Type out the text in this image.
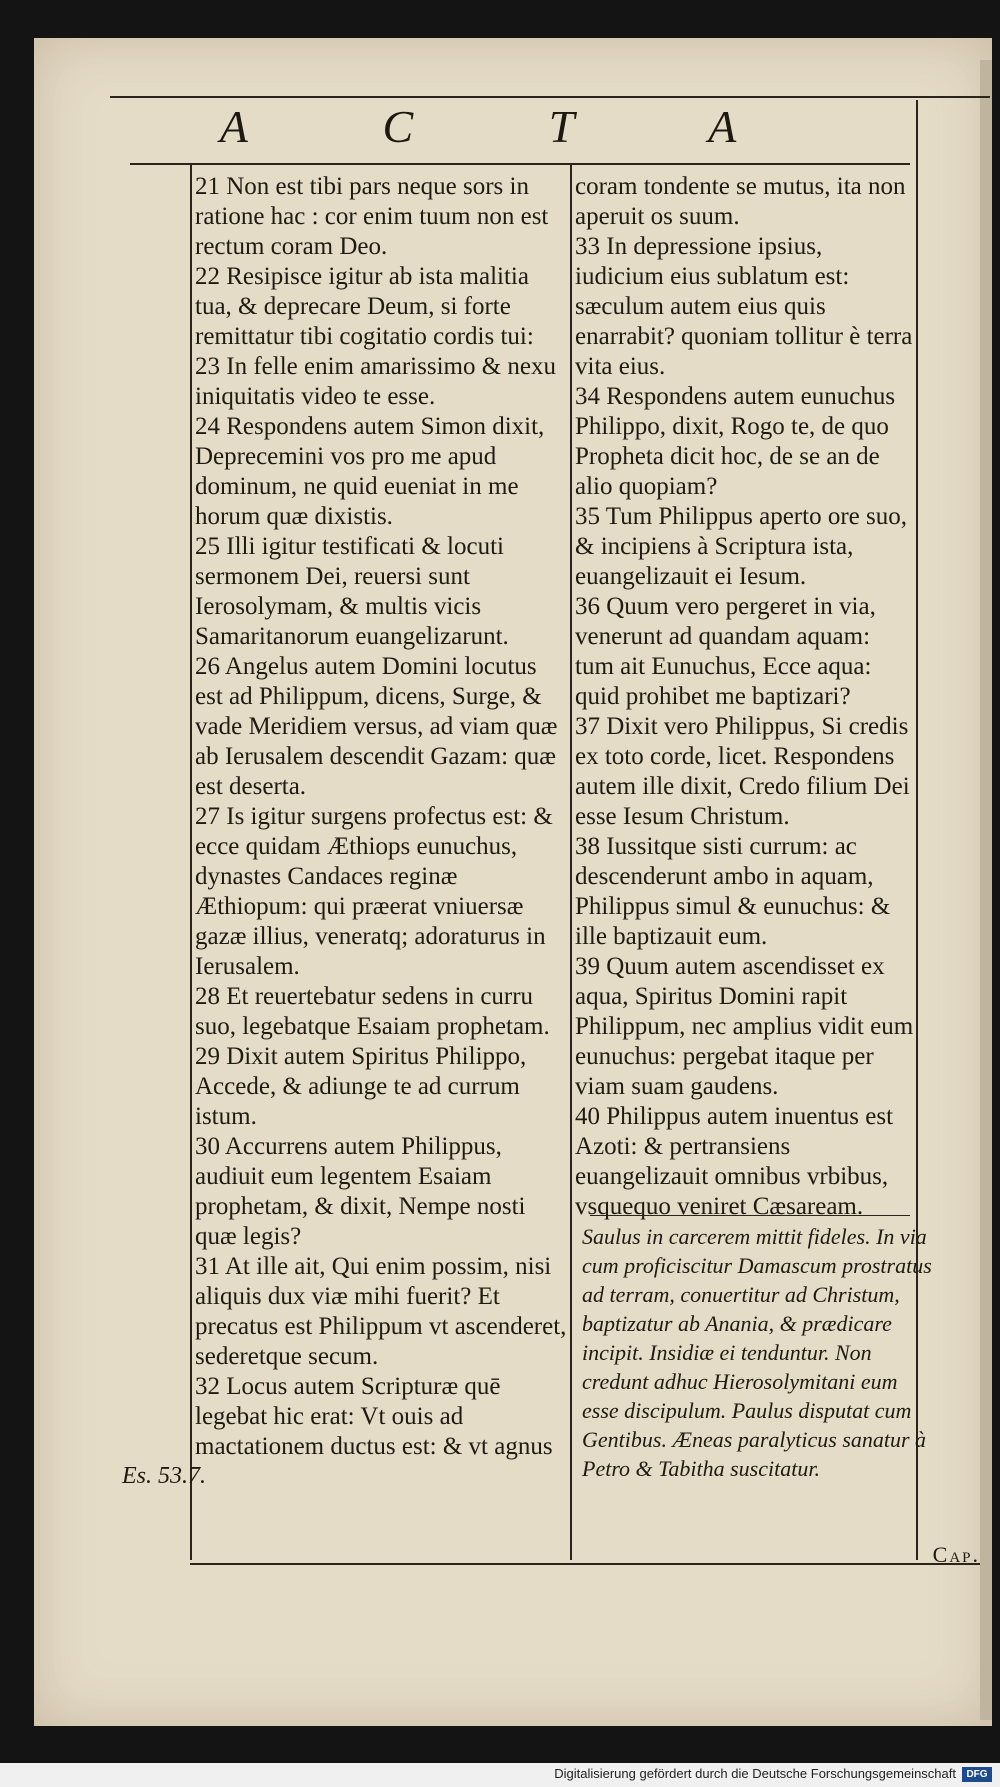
A C T A

21 Non est tibi pars neque sors in ratione hac : cor enim tuum non est rectum coram Deo.

22 Resipisce igitur ab ista malitia tua, & deprecare Deum, si forte remittatur tibi cogitatio cordis tui:

23 In felle enim amarissimo & nexu iniquitatis video te esse.

24 Respondens autem Simon dixit, Deprecemini vos pro me apud dominum, ne quid eueniat in me horum quæ dixistis.

25 Illi igitur testificati & locuti sermonem Dei, reuersi sunt Ierosolymam, & multis vicis Samaritanorum euangelizarunt.

26 Angelus autem Domini locutus est ad Philippum, dicens, Surge, & vade Meridiem versus, ad viam quæ ab Ierusalem descendit Gazam: quæ est deserta.

27 Is igitur surgens profectus est: & ecce quidam Æthiops eunuchus, dynastes Candaces reginæ Æthiopum: qui præerat vniuersæ gazæ illius, veneratq; adoraturus in Ierusalem.

28 Et reuertebatur sedens in curru suo, legebatque Esaiam prophetam.

29 Dixit autem Spiritus Philippo, Accede, & adiunge te ad currum istum.

30 Accurrens autem Philippus, audiuit eum legentem Esaiam prophetam, & dixit, Nempe nosti quæ legis?

31 At ille ait, Qui enim possim, nisi aliquis dux viæ mihi fuerit? Et precatus est Philippum vt ascenderet, sederetque secum.

32 Locus autem Scripturæ quē legebat hic erat: Vt ouis ad mactationem ductus est: & vt agnus

coram tondente se mutus, ita non aperuit os suum.

33 In depressione ipsius, iudicium eius sublatum est: sæculum autem eius quis enarrabit? quoniam tollitur è terra vita eius.

34 Respondens autem eunuchus Philippo, dixit, Rogo te, de quo Propheta dicit hoc, de se an de alio quopiam?

35 Tum Philippus aperto ore suo, & incipiens à Scriptura ista, euangelizauit ei Iesum.

36 Quum vero pergeret in via, venerunt ad quandam aquam: tum ait Eunuchus, Ecce aqua: quid prohibet me baptizari?

37 Dixit vero Philippus, Si credis ex toto corde, licet. Respondens autem ille dixit, Credo filium Dei esse Iesum Christum.

38 Iussitque sisti currum: ac descenderunt ambo in aquam, Philippus simul & eunuchus: & ille baptizauit eum.

39 Quum autem ascendisset ex aqua, Spiritus Domini rapit Philippum, nec amplius vidit eum eunuchus: pergebat itaque per viam suam gaudens.

40 Philippus autem inuentus est Azoti: & pertransiens euangelizauit omnibus vrbibus, vsquequo veniret Cæsaream.

Saulus in carcerem mittit fideles. In via cum proficiscitur Damascum prostratus ad terram, conuertitur ad Christum, baptizatur ab Anania, & prædicare incipit. Insidiæ ei tenduntur. Non credunt adhuc Hierosolymitani eum esse discipulum. Paulus disputat cum Gentibus. Æneas paralyticus sanatur à Petro & Tabitha suscitatur.

Es. 53.7.
Cap.
Digitalisierung gefördert durch die Deutsche Forschungsgemeinschaft	DFG
